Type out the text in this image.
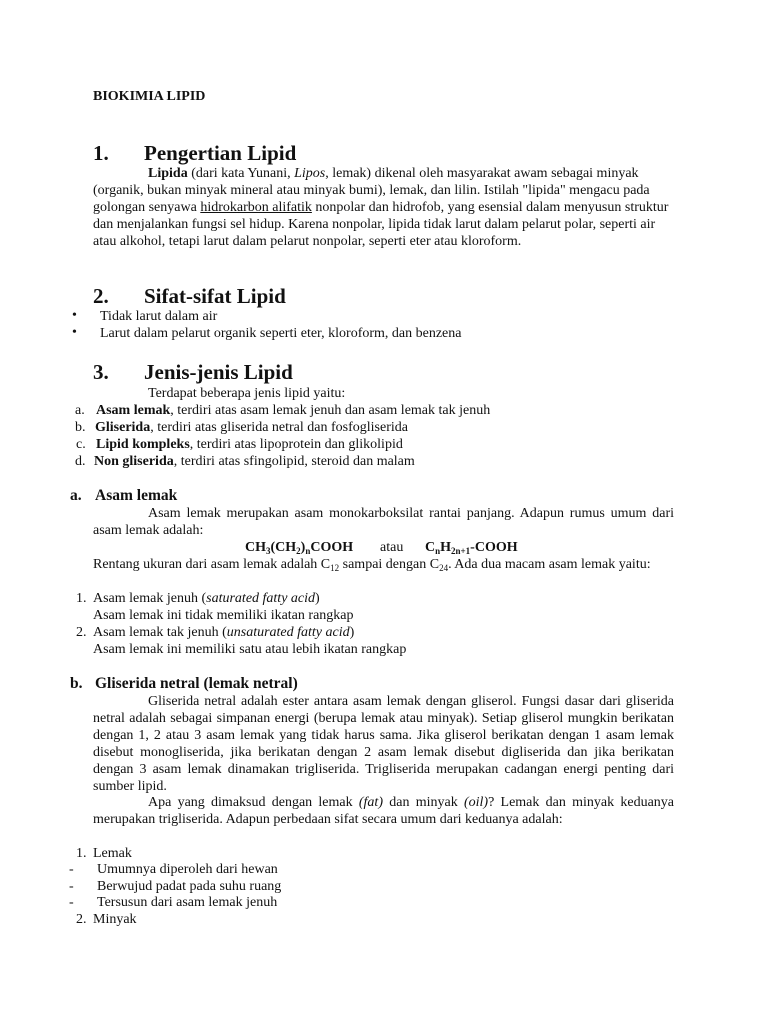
BIOKIMIA LIPID
1. Pengertian Lipid

Lipida (dari kata Yunani, Lipos, lemak) dikenal oleh masyarakat awam sebagai minyak (organik, bukan minyak mineral atau minyak bumi), lemak, dan lilin. Istilah "lipida" mengacu pada golongan senyawa hidrokarbon alifatik nonpolar dan hidrofob, yang esensial dalam menyusun struktur dan menjalankan fungsi sel hidup. Karena nonpolar, lipida tidak larut dalam pelarut polar, seperti air atau alkohol, tetapi larut dalam pelarut nonpolar, seperti eter atau kloroform.

2. Sifat-sifat Lipid
• Tidak larut dalam air
• Larut dalam pelarut organik seperti eter, kloroform, dan benzena
3. Jenis-jenis Lipid
Terdapat beberapa jenis lipid yaitu:
a. Asam lemak, terdiri atas asam lemak jenuh dan asam lemak tak jenuh
b. Gliserida, terdiri atas gliserida netral dan fosfogliserida
c. Lipid kompleks, terdiri atas lipoprotein dan glikolipid
d. Non gliserida, terdiri atas sfingolipid, steroid dan malam
a. Asam lemak

Asam lemak merupakan asam monokarboksilat rantai panjang. Adapun rumus umum dari asam lemak adalah:

$CH_3(CH_2)_nCOOH$ atau $C_nH_{2n+1}$-COOH

Rentang ukuran dari asam lemak adalah $C_{12}$ sampai dengan $C_{24}$. Ada dua macam asam lemak yaitu:

1. Asam lemak jenuh (saturated fatty acid)
Asam lemak ini tidak memiliki ikatan rangkap
2. Asam lemak tak jenuh (unsaturated fatty acid)
Asam lemak ini memiliki satu atau lebih ikatan rangkap
b. Gliserida netral (lemak netral)

Gliserida netral adalah ester antara asam lemak dengan gliserol. Fungsi dasar dari gliserida netral adalah sebagai simpanan energi (berupa lemak atau minyak). Setiap gliserol mungkin berikatan dengan 1, 2 atau 3 asam lemak yang tidak harus sama. Jika gliserol berikatan dengan 1 asam lemak disebut monogliserida, jika berikatan dengan 2 asam lemak disebut digliserida dan jika berikatan dengan 3 asam lemak dinamakan trigliserida. Trigliserida merupakan cadangan energi penting dari sumber lipid.

Apa yang dimaksud dengan lemak (fat) dan minyak (oil)? Lemak dan minyak keduanya merupakan trigliserida. Adapun perbedaan sifat secara umum dari keduanya adalah:

1. Lemak
- Umumnya diperoleh dari hewan
- Berwujud padat pada suhu ruang
- Tersusun dari asam lemak jenuh
2. Minyak
